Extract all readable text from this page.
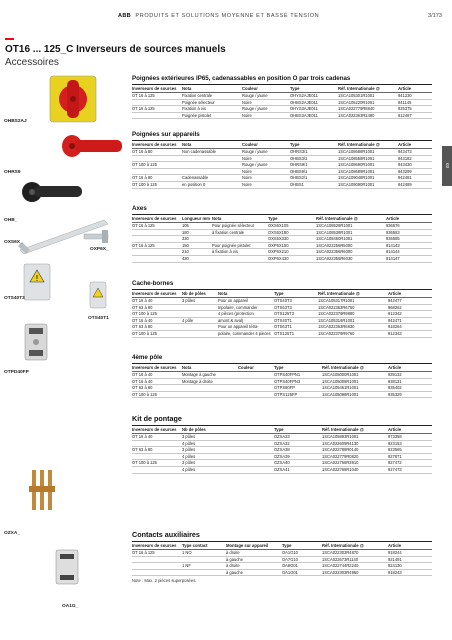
ABB PRODUITS ET SOLUTIONS MOYENNE ET BASSE TENSION	3/173
OT16 ... 125_C Inverseurs de sources manuels
Accessoires
03
OHBS2AJ
OHRS9
OHB_
OXS6X_
OXP6X_
!
OTS40T3
OTS40T1
OTPD40FP
OZXA_
OA1G_
Poignées extérieures IP65, cadenassables en position O par trois cadenas
Inverseurs de sources	Nota	Couleur	Type	Réf. Internationale @	Article
OT 16 à 125	Fixation centrale	Rouge / jaune	OHYS2AJE011	1SCA105301R1001	941230
	Poignée sélecteur	Noire	OHBS2AJE011	1SCA105220R1001	941145
OT 16 à 125	Fixation à vis	Rouge / jaune	OHYS3AJE011	1SCA022779R8840	925375
	Poignée pistolet	Noire	OHBS3AJE011	1SCA022363R2480	912487
Poignées sur appareils
Inverseurs de sources	Nota	Couleur	Type	Réf. Internationale @	Article
OT 16 à 80	Non cadenassable	Rouge / jaune	OHRS3/1	1SCA108688R1001	943473
		Noire	OHBS3/1	1SCA108558R1001	943182
OT 100 à 125		Rouge / jaune	OHRS9/1	1SCA108690R1001	943430
		Noire	OHBS9/1	1SCA108689R1001	943299
OT 16 à 80	Cadenassable	Noire	OHBS2/1	1SCA109048R1001	942481
OT 100 à 125	en position 0	Noire	OHBS1	1SCA109090R1001	942489
Axes
Inverseurs de sources	Longueur mm	Nota	Type	Réf. Internationale @	Article
OT 16 à 125	105	Pour poignée sélecteur	OXS6X105	1SCA108528R1001	936576
	180	à fixation centrale	OXS6X180	1SCA108538R1001	936583
	330		OXS6X330	1SCA108460R1001	936585
OT 16 à 125	150	Pour poignée pistolet	OXP6X150	1SCA022256R5000	914143
	210	à fixation à vis	OXP6X210	1SCA022356R6000	914144
	430		OXP6X430	1SCA022356R6030	914147
Cache-bornes
Inverseurs de sources	Nb de pôles	Nota	Type	Réf. Internationale @	Article
OT 16 à 40	3 pôles	Pour un appareil	OTS40T3	1SCA105317R1001	942477
OT 63 à 80		tripolaire, commander	OTS63T3	1SCA022363R6750	968262
OT 100 à 125		4 pièces (protection	OTS125T3	1SCA022379R9880	912342
OT 16 à 40	4 pôle	amont & aval)	OTS40T1	1SCA105316R1001	942471
OT 63 à 80		Pour un appareil tétra-	OTS63T1	1SCA022363R6930	918264
OT 100 à 125		polaire, commander 4 pièces	OTS125T1	1SCA022379R9760	912343
4ème pôle
Inverseurs de sources	Nota	Couleur	Type	Réf. Internationale @	Article
OT 16 à 40	Montage à gauche		OTPS40FPN1	1SCA105000R1001	939132
OT 16 à 40	Montage à droite		OTPS40FPN3	1SCA105008R1001	938131
OT 63 à 80			OTPS80FP	1SCA105461R1001	935402
OT 100 à 125			OTPS125FP	1SCA105098R1001	935329
Kit de pontage
Inverseurs de sources	Nb de pôles		Type	Réf. Internationale @	Article
OT 16 à 40	3 pôles		OZXA33	1SCA105893R1001	973358
	4 pôles		OZXA32	1SCA022609R4130	923153
OT 63 à 80	3 pôles		OZXA38	1SCA022788R0140	923565
	4 pôles		OZXA39	1SCA022779R0820	927871
OT 100 à 125	3 pôles		OZXA40	1SCA022768R3910	927472
	4 pôles		OZXA41	1SCA022768R1040	927473
Contacts auxiliaires
Inverseurs de sources	Type contact	Montage sur appareil	Type	Réf. Internationale @	Article
OT 16 à 125	1 NO	à droite	OA1G10	1SCA022303R4870	918244
		à gauche	OA7G10	1SCA022673R1140	921491
	1 NF	à droite	OA8G01	1SCA022744R2240	924130
		à gauche	OA1G01	1SCA022303R4950	918243
Note : Max. 2 pièces superposées.
